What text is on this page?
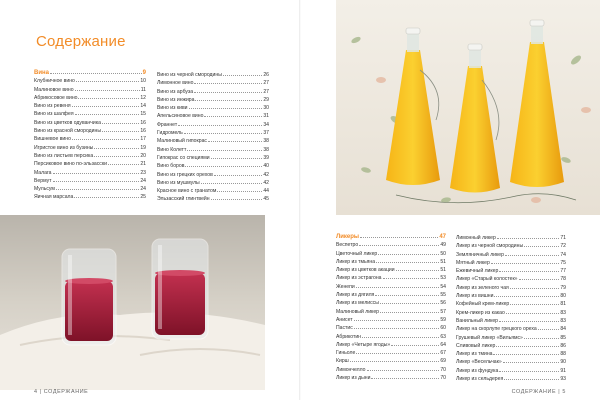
Содержание
Вина	9
Клубничное вино	10
Малиновое вино	11
Абрикосовое вино	12
Вино из ревеня	14
Вино из шалфея	15
Вино из цветков одуванчика	16
Вино из красной смородины	16
Вишневое вино	17
Игристое вино из бузины	19
Вино из листьев персика	20
Персиковое вино по-эльзасски	21
Малага	23
Вермут	24
Мульсум	24
Яичная марсала	25
Вино из черной смородины	26
Лимонное вино	27
Вино из арбуза	27
Вино из инжира	29
Вино из киви	30
Апельсиновое вино	31
Франнет	34
Гидромель	37
Малиновый гипокрас	38
Вино Колетт	38
Гипокрас со специями	39
Вино боров	40
Вино из грецких орехов	42
Вино из мушмулы	42
Красное вино с гранатом	44
Эльзасский глинтвейн	45
4 | СОДЕРЖАНИЕ
Ликеры	47
Веспетро	49
Цветочный ликер	50
Ликер из тмьяна	51
Ликер из цветков акации	51
Ликер из эстрагона	53
Женепи	54
Ликер из дягиля	55
Ликер из мелиссы	56
Малиновый ликер	57
Анисет	59
Пастис	60
Абрикотин	63
Ликер «Четыре ягоды»	64
Гиньоле	67
Кирш	69
Лимончелло	70
Ликер из дыни	70
Лимонный ликер	71
Ликер из черной смородины	72
Земляничный ликер	74
Мятный ликер	75
Ежевичный ликер	77
Ликер «Старый колостек»	78
Ликер из зеленого чая	79
Ликер из вишни	80
Кофейный крем-ликер	81
Крем-ликер из какао	83
Ванильный ликер	83
Ликер на скорлупе грецкого ореха	84
Грушевый ликер «Вильямс»	85
Сливовый ликер	86
Ликер из тмина	88
Ликер «Весельчак»	90
Ликер из фундука	91
Ликер из сельдерея	93
СОДЕРЖАНИЕ | 5
